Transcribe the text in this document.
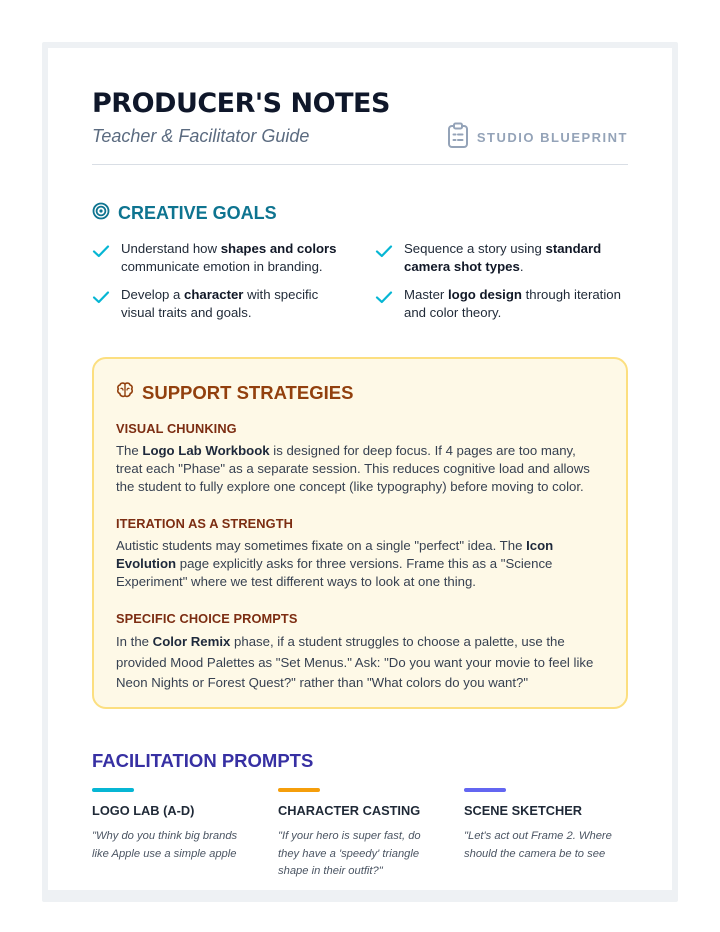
PRODUCER'S NOTES
Teacher & Facilitator Guide	STUDIO BLUEPRINT
CREATIVE GOALS
Understand how shapes and colors communicate emotion in branding.
Sequence a story using standard camera shot types.
Develop a character with specific visual traits and goals.
Master logo design through iteration and color theory.
SUPPORT STRATEGIES
VISUAL CHUNKING

The Logo Lab Workbook is designed for deep focus. If 4 pages are too many, treat each "Phase" as a separate session. This reduces cognitive load and allows the student to fully explore one concept (like typography) before moving to color.

ITERATION AS A STRENGTH

Autistic students may sometimes fixate on a single "perfect" idea. The Icon Evolution page explicitly asks for three versions. Frame this as a "Science Experiment" where we test different ways to look at one thing.

SPECIFIC CHOICE PROMPTS

In the Color Remix phase, if a student struggles to choose a palette, use the provided Mood Palettes as "Set Menus." Ask: "Do you want your movie to feel like Neon Nights or Forest Quest?" rather than "What colors do you want?"

FACILITATION PROMPTS
LOGO LAB (A-D)

"Why do you think big brands like Apple use a simple apple

CHARACTER CASTING

"If your hero is super fast, do they have a 'speedy' triangle shape in their outfit?"

SCENE SKETCHER

"Let's act out Frame 2. Where should the camera be to see
